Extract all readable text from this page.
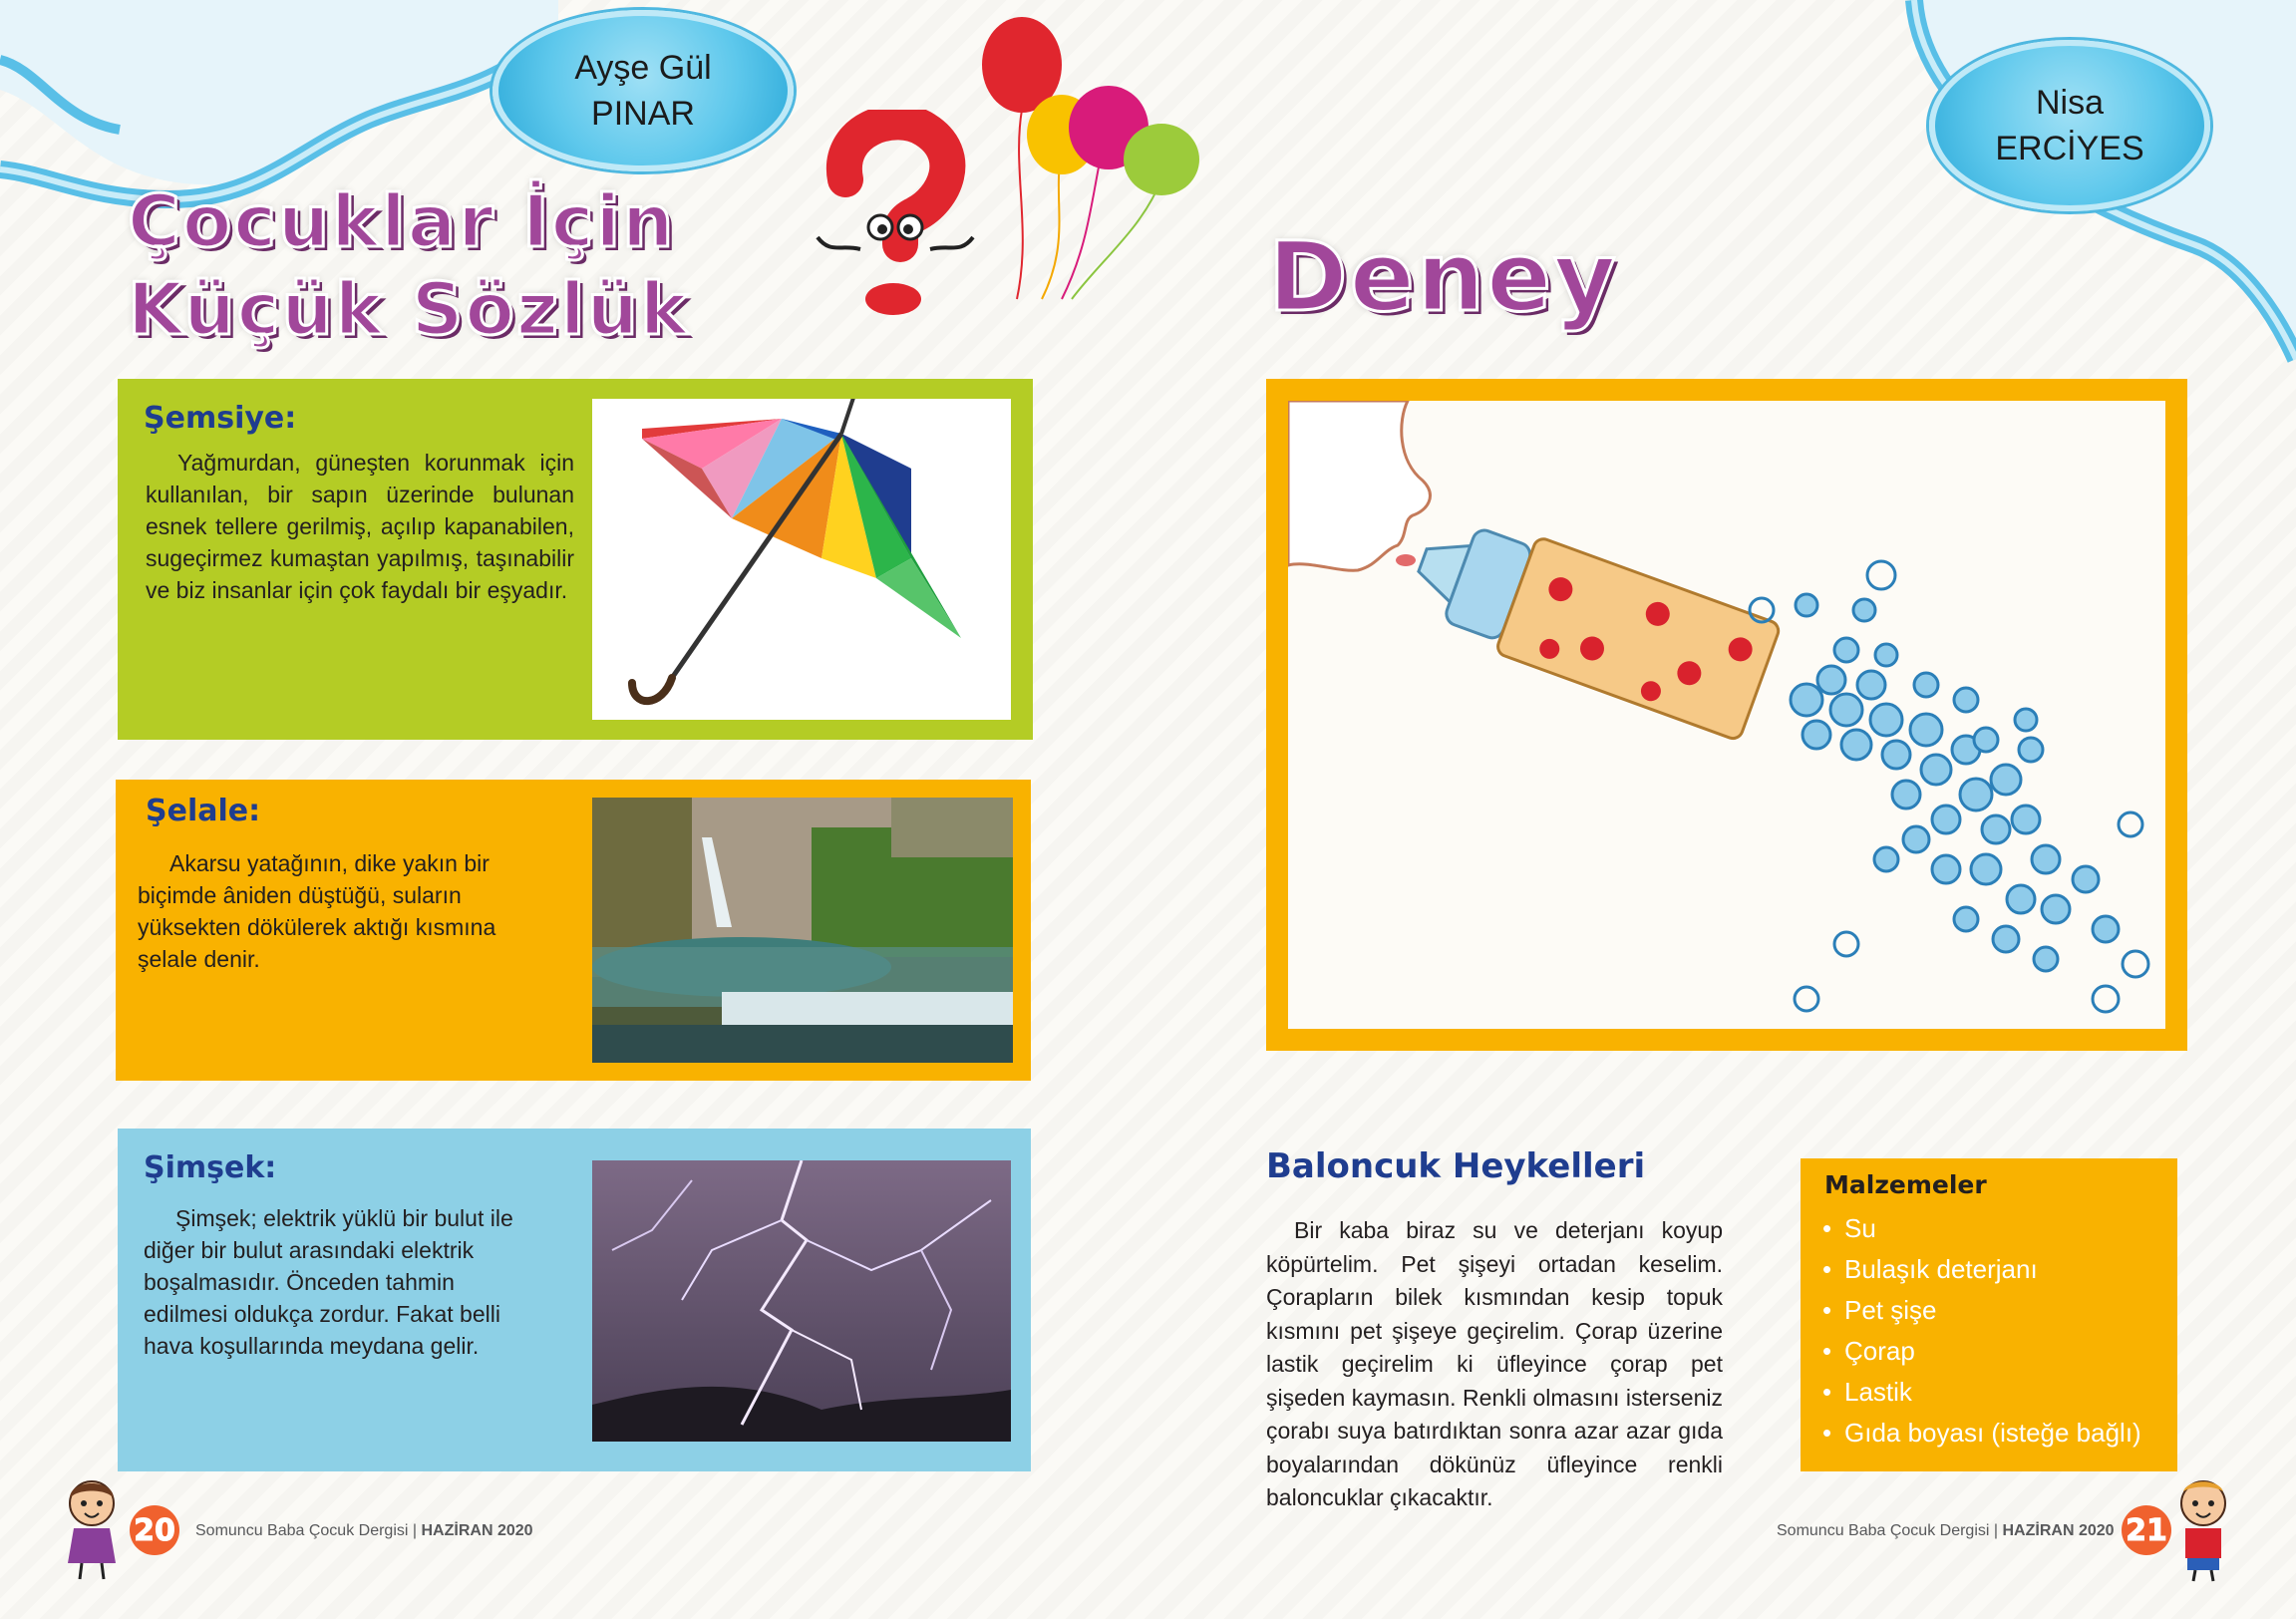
Ayşe Gül
PINAR
Çocuklar İçin
Küçük Sözlük
Şemsiye:

Yağmurdan, güneşten korunmak için kullanılan, bir sapın üzerinde bulunan esnek tellere gerilmiş, açılıp kapanabilen, sugeçirmez kumaştan yapılmış, taşınabilir ve biz insanlar için çok faydalı bir eşyadır.

Şelale:

Akarsu yatağının, dike yakın bir biçimde âniden düştüğü, suların yüksekten dökülerek aktığı kısmına şelale denir.

Şimşek:

Şimşek; elektrik yüklü bir bulut ile diğer bir bulut arasındaki elektrik boşalmasıdır. Önceden tahmin edilmesi oldukça zordur. Fakat belli hava koşullarında meydana gelir.

20 Somuncu Baba Çocuk Dergisi | HAZİRAN 2020
Nisa
ERCİYES
Deney
Baloncuk Heykelleri

Bir kaba biraz su ve deterjanı koyup köpürtelim. Pet şişeyi ortadan keselim. Çorapların bilek kısmından kesip topuk kısmını pet şişeye geçirelim. Çorap üzerine lastik geçirelim ki üfleyince çorap pet şişeden kaymasın. Renkli olmasını isterseniz çorabı suya batırdıktan sonra azar azar gıda boyalarından dökünüz üfleyince renkli baloncuklar çıkacaktır.

Malzemeler
• Su
• Bulaşık deterjanı
• Pet şişe
• Çorap
• Lastik
• Gıda boyası (isteğe bağlı)
Somuncu Baba Çocuk Dergisi | HAZİRAN 2020 21
